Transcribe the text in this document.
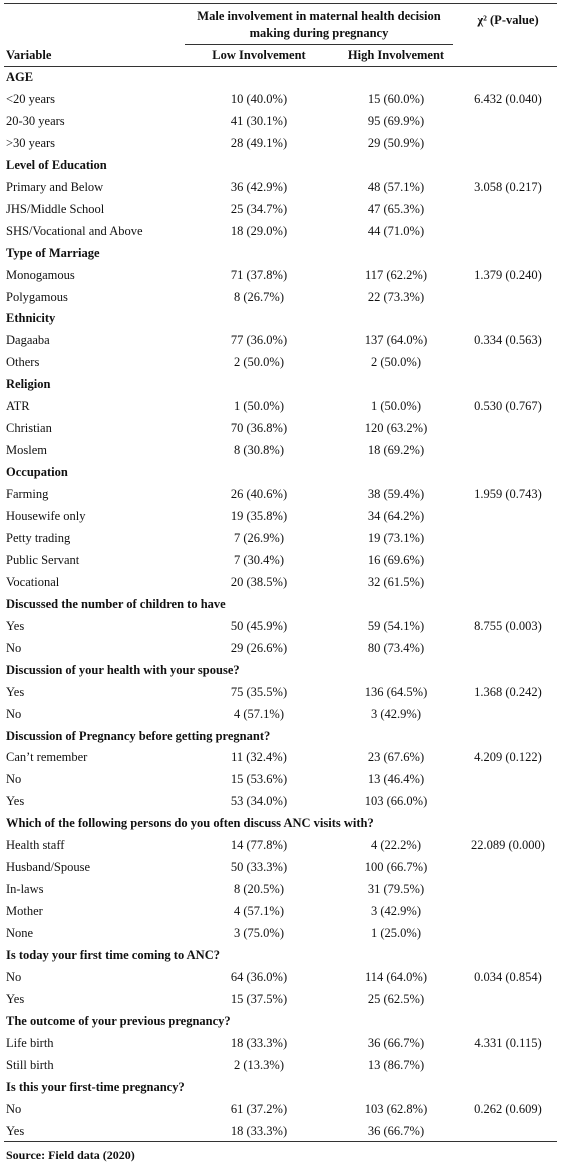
Male involvement in maternal health decision making during pregnancy
χ² (P-value)
Variable	Low Involvement	High Involvement
AGE
<20 years	10 (40.0%)	15 (60.0%)	6.432 (0.040)
20-30 years	41 (30.1%)	95 (69.9%)
>30 years	28 (49.1%)	29 (50.9%)
Level of Education
Primary and Below	36 (42.9%)	48 (57.1%)	3.058 (0.217)
JHS/Middle School	25 (34.7%)	47 (65.3%)
SHS/Vocational and Above	18 (29.0%)	44 (71.0%)
Type of Marriage
Monogamous	71 (37.8%)	117 (62.2%)	1.379 (0.240)
Polygamous	8 (26.7%)	22 (73.3%)
Ethnicity
Dagaaba	77 (36.0%)	137 (64.0%)	0.334 (0.563)
Others	2 (50.0%)	2 (50.0%)
Religion
ATR	1 (50.0%)	1 (50.0%)	0.530 (0.767)
Christian	70 (36.8%)	120 (63.2%)
Moslem	8 (30.8%)	18 (69.2%)
Occupation
Farming	26 (40.6%)	38 (59.4%)	1.959 (0.743)
Housewife only	19 (35.8%)	34 (64.2%)
Petty trading	7 (26.9%)	19 (73.1%)
Public Servant	7 (30.4%)	16 (69.6%)
Vocational	20 (38.5%)	32 (61.5%)
Discussed the number of children to have
Yes	50 (45.9%)	59 (54.1%)	8.755 (0.003)
No	29 (26.6%)	80 (73.4%)
Discussion of your health with your spouse?
Yes	75 (35.5%)	136 (64.5%)	1.368 (0.242)
No	4 (57.1%)	3 (42.9%)
Discussion of Pregnancy before getting pregnant?
Can’t remember	11 (32.4%)	23 (67.6%)	4.209 (0.122)
No	15 (53.6%)	13 (46.4%)
Yes	53 (34.0%)	103 (66.0%)
Which of the following persons do you often discuss ANC visits with?
Health staff	14 (77.8%)	4 (22.2%)	22.089 (0.000)
Husband/Spouse	50 (33.3%)	100 (66.7%)
In-laws	8 (20.5%)	31 (79.5%)
Mother	4 (57.1%)	3 (42.9%)
None	3 (75.0%)	1 (25.0%)
Is today your first time coming to ANC?
No	64 (36.0%)	114 (64.0%)	0.034 (0.854)
Yes	15 (37.5%)	25 (62.5%)
The outcome of your previous pregnancy?
Life birth	18 (33.3%)	36 (66.7%)	4.331 (0.115)
Still birth	2 (13.3%)	13 (86.7%)
Is this your first-time pregnancy?
No	61 (37.2%)	103 (62.8%)	0.262 (0.609)
Yes	18 (33.3%)	36 (66.7%)
Source: Field data (2020)
